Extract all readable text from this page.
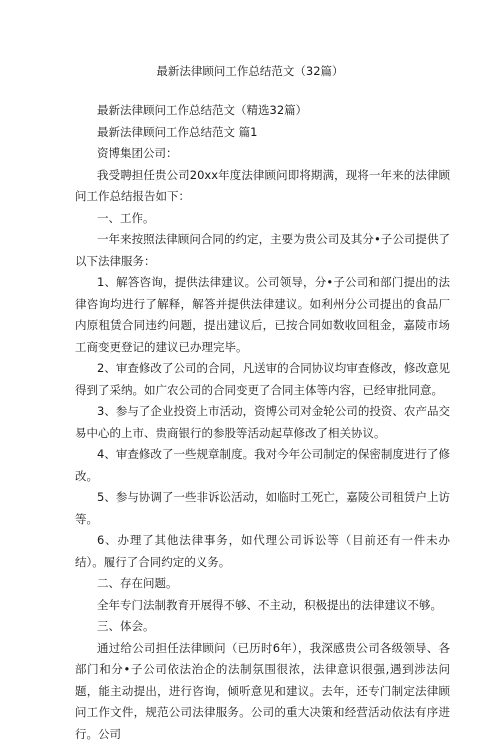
最新法律顾问工作总结范文（32篇）

最新法律顾问工作总结范文（精选32篇）

最新法律顾问工作总结范文 篇1

资博集团公司：

我受聘担任贵公司20xx年度法律顾问即将期满，现将一年来的法律顾问工作总结报告如下：

一、工作。

一年来按照法律顾问合同的约定，主要为贵公司及其分•子公司提供了以下法律服务：

1、解答咨询，提供法律建议。公司领导，分•子公司和部门提出的法律咨询均进行了解释，解答并提供法律建议。如利州分公司提出的食品厂内原租赁合同违约问题，提出建议后，已按合同如数收回租金，嘉陵市场工商变更登记的建议已办理完毕。

2、审查修改了公司的合同，凡送审的合同协议均审查修改，修改意见得到了采纳。如广农公司的合同变更了合同主体等内容，已经审批同意。

3、参与了企业投资上市活动，资博公司对金轮公司的投资、农产品交易中心的上市、贵商银行的参股等活动起草修改了相关协议。

4、审查修改了一些规章制度。我对今年公司制定的保密制度进行了修改。

5、参与协调了一些非诉讼活动，如临时工死亡，嘉陵公司租赁户上访等。

6、办理了其他法律事务，如代理公司诉讼等（目前还有一件未办结）。履行了合同约定的义务。

二、存在问题。

全年专门法制教育开展得不够、不主动，积极提出的法律建议不够。

三、体会。

通过给公司担任法律顾问（已历时6年），我深感贵公司各级领导、各部门和分•子公司依法治企的法制氛围很浓，法律意识很强,遇到涉法问题，能主动提出，进行咨询，倾听意见和建议。去年，还专门制定法律顾问工作文件，规范公司法律服务。公司的重大决策和经营活动依法有序进行。公司
